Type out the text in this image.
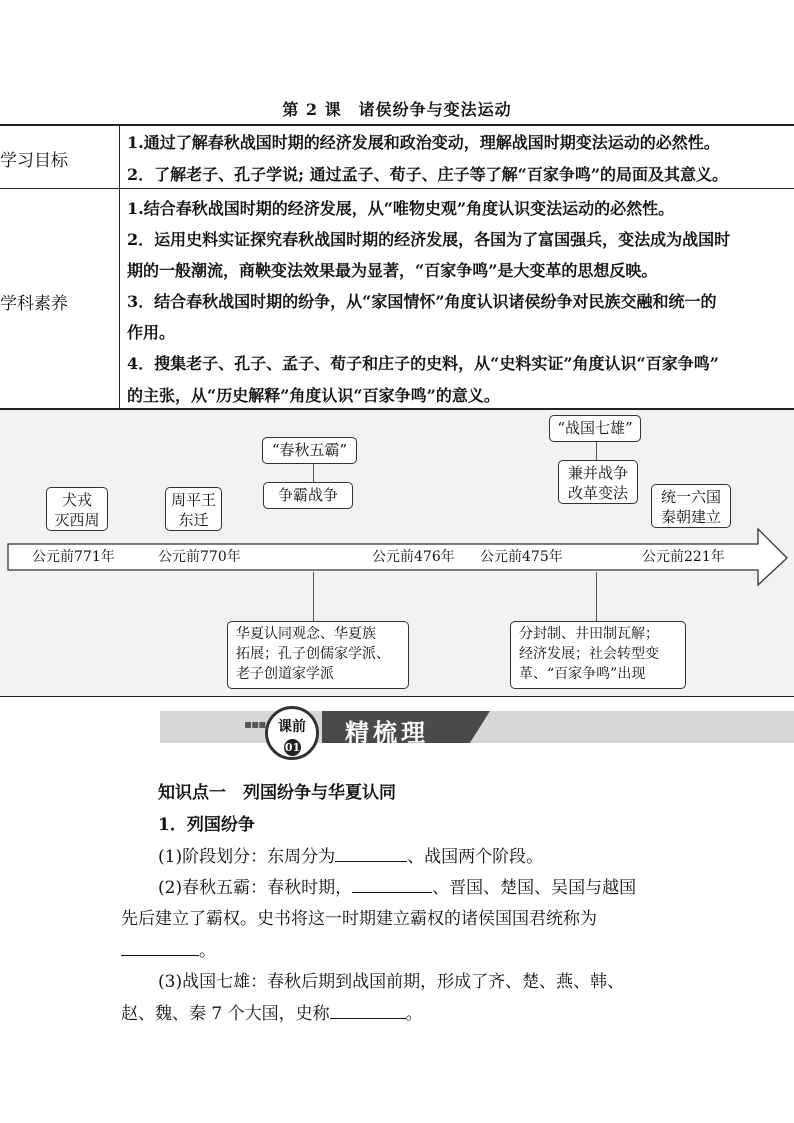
第 2 课　诸侯纷争与变法运动
学习目标
1.通过了解春秋战国时期的经济发展和政治变动，理解战国时期变法运动的必然性。
2．了解老子、孔子学说; 通过孟子、荀子、庄子等了解“百家争鸣”的局面及其意义。
学科素养
1.结合春秋战国时期的经济发展，从“唯物史观”角度认识变法运动的必然性。
2．运用史料实证探究春秋战国时期的经济发展，各国为了富国强兵，变法成为战国时
期的一般潮流，商鞅变法效果最为显著，“百家争鸣”是大变革的思想反映。
3．结合春秋战国时期的纷争，从“家国情怀”角度认识诸侯纷争对民族交融和统一的
作用。
4．搜集老子、孔子、孟子、荀子和庄子的史料，从“史料实证”角度认识“百家争鸣”
的主张，从“历史解释”角度认识“百家争鸣”的意义。
犬戎
灭西周
周平王
东迁
“春秋五霸”
争霸战争
“战国七雄”
兼并战争
改革变法	统一六国
秦朝建立
公元前771年	公元前770年	公元前476年 公元前475年	公元前221年
华夏认同观念、华夏族
拓展；孔子创儒家学派、
老子创道家学派
分封制、井田制瓦解；
经济发展；社会转型变
革、“百家争鸣”出现
▪▪▪ 课前
01
精梳理
知识点一　列国纷争与华夏认同
1．列国纷争
(1)阶段划分：东周分为	、战国两个阶段。
(2)春秋五霸：春秋时期，	、晋国、楚国、吴国与越国
先后建立了霸权。史书将这一时期建立霸权的诸侯国国君统称为
。
(3)战国七雄：春秋后期到战国前期，形成了齐、楚、燕、韩、
赵、魏、秦 7 个大国，史称	。
